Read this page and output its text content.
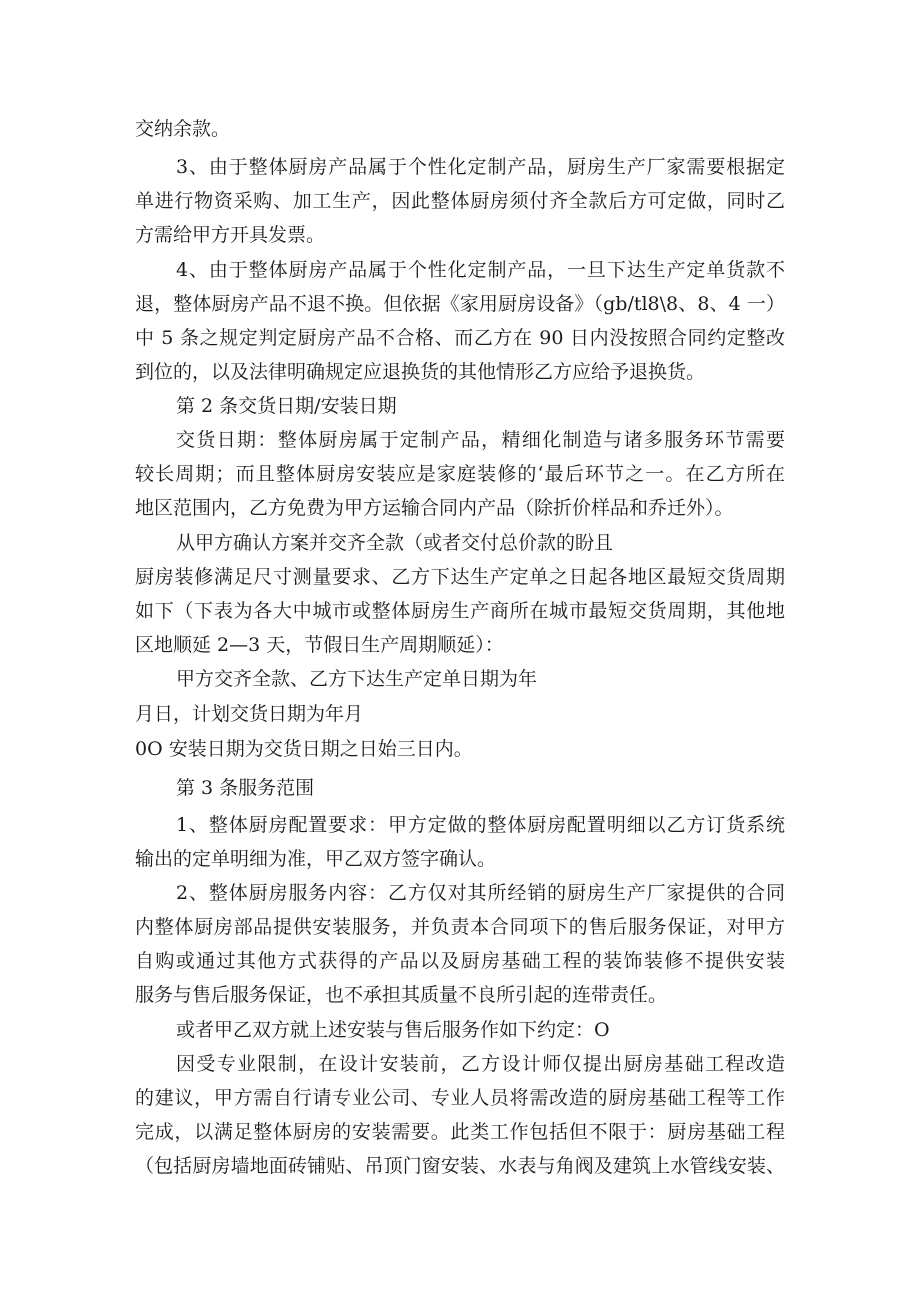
交纳余款。
3、由于整体厨房产品属于个性化定制产品，厨房生产厂家需要根据定
单进行物资采购、加工生产，因此整体厨房须付齐全款后方可定做，同时乙
方需给甲方开具发票。
4、由于整体厨房产品属于个性化定制产品，一旦下达生产定单货款不
退，整体厨房产品不退不换。但依据《家用厨房设备》（gb∕tl8\8、8、4 一）
中 5 条之规定判定厨房产品不合格、而乙方在 90 日内没按照合同约定整改
到位的，以及法律明确规定应退换货的其他情形乙方应给予退换货。
第 2 条交货日期/安装日期
交货日期：整体厨房属于定制产品，精细化制造与诸多服务环节需要
较长周期；而且整体厨房安装应是家庭装修的‘最后环节之一。在乙方所在
地区范围内，乙方免费为甲方运输合同内产品（除折价样品和乔迁外）。
从甲方确认方案并交齐全款（或者交付总价款的盼且
厨房装修满足尺寸测量要求、乙方下达生产定单之日起各地区最短交货周期
如下（下表为各大中城市或整体厨房生产商所在城市最短交货周期，其他地
区地顺延 2—3 天，节假日生产周期顺延）：
甲方交齐全款、乙方下达生产定单日期为年
月日，计划交货日期为年月
0O 安装日期为交货日期之日始三日内。
第 3 条服务范围
1、整体厨房配置要求：甲方定做的整体厨房配置明细以乙方订货系统
输出的定单明细为准，甲乙双方签字确认。
2、整体厨房服务内容：乙方仅对其所经销的厨房生产厂家提供的合同
内整体厨房部品提供安装服务，并负责本合同项下的售后服务保证，对甲方
自购或通过其他方式获得的产品以及厨房基础工程的装饰装修不提供安装
服务与售后服务保证，也不承担其质量不良所引起的连带责任。
或者甲乙双方就上述安装与售后服务作如下约定：O
因受专业限制，在设计安装前，乙方设计师仅提出厨房基础工程改造
的建议，甲方需自行请专业公司、专业人员将需改造的厨房基础工程等工作
完成，以满足整体厨房的安装需要。此类工作包括但不限于：厨房基础工程
（包括厨房墙地面砖铺贴、吊顶门窗安装、水表与角阀及建筑上水管线安装、
